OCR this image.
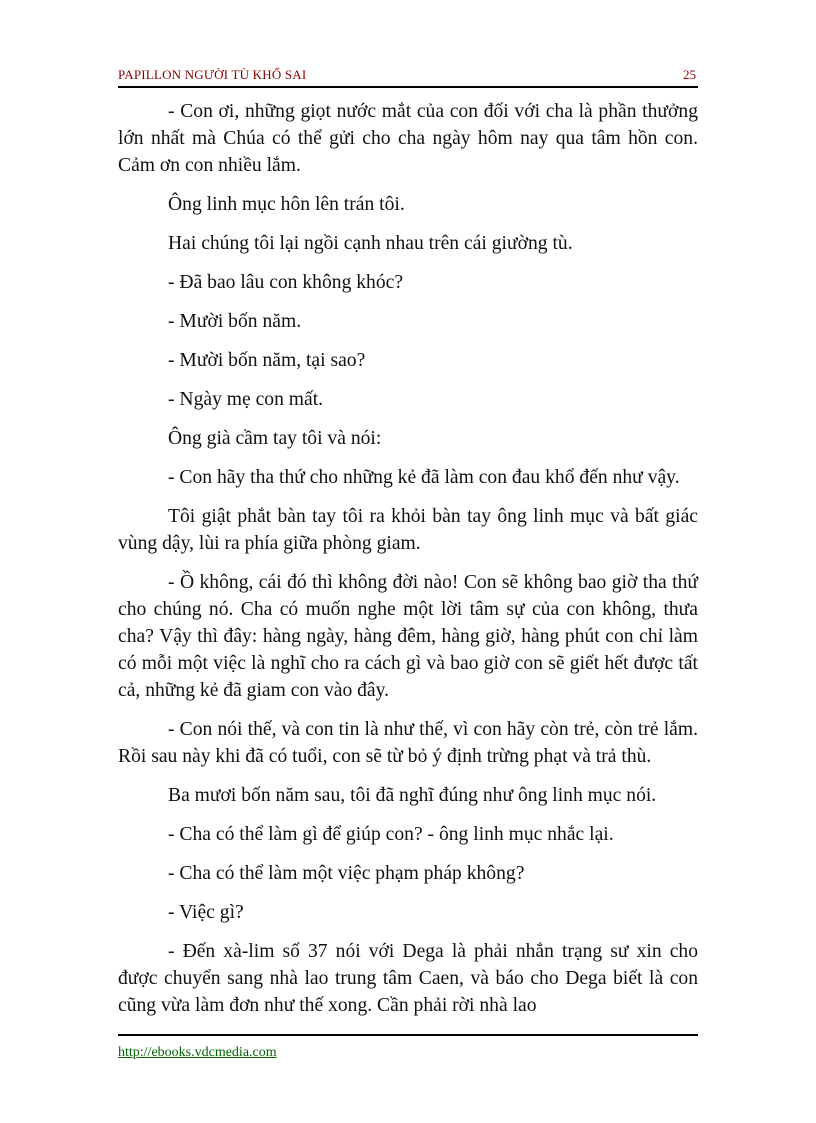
PAPILLON NGƯỜI TÙ KHỔ SAI	25

- Con ơi, những giọt nước mắt của con đối với cha là phần thưởng lớn nhất mà Chúa có thể gửi cho cha ngày hôm nay qua tâm hồn con. Cảm ơn con nhiều lắm.

Ông linh mục hôn lên trán tôi.

Hai chúng tôi lại ngồi cạnh nhau trên cái giường tù.

- Đã bao lâu con không khóc?

- Mười bốn năm.

- Mười bốn năm, tại sao?

- Ngày mẹ con mất.

Ông già cầm tay tôi và nói:

- Con hãy tha thứ cho những kẻ đã làm con đau khổ đến như vậy.

Tôi giật phắt bàn tay tôi ra khỏi bàn tay ông linh mục và bất giác vùng dậy, lùi ra phía giữa phòng giam.

- Ồ không, cái đó thì không đời nào! Con sẽ không bao giờ tha thứ cho chúng nó. Cha có muốn nghe một lời tâm sự của con không, thưa cha? Vậy thì đây: hàng ngày, hàng đêm, hàng giờ, hàng phút con chỉ làm có mỗi một việc là nghĩ cho ra cách gì và bao giờ con sẽ giết hết được tất cả, những kẻ đã giam con vào đây.

- Con nói thế, và con tin là như thế, vì con hãy còn trẻ, còn trẻ lắm. Rồi sau này khi đã có tuổi, con sẽ từ bỏ ý định trừng phạt và trả thù.

Ba mươi bốn năm sau, tôi đã nghĩ đúng như ông linh mục nói.

- Cha có thể làm gì để giúp con? - ông linh mục nhắc lại.

- Cha có thể làm một việc phạm pháp không?

- Việc gì?

- Đến xà-lim số 37 nói với Dega là phải nhắn trạng sư xin cho được chuyển sang nhà lao trung tâm Caen, và báo cho Dega biết là con cũng vừa làm đơn như thế xong. Cần phải rời nhà lao

http://ebooks.vdcmedia.com
